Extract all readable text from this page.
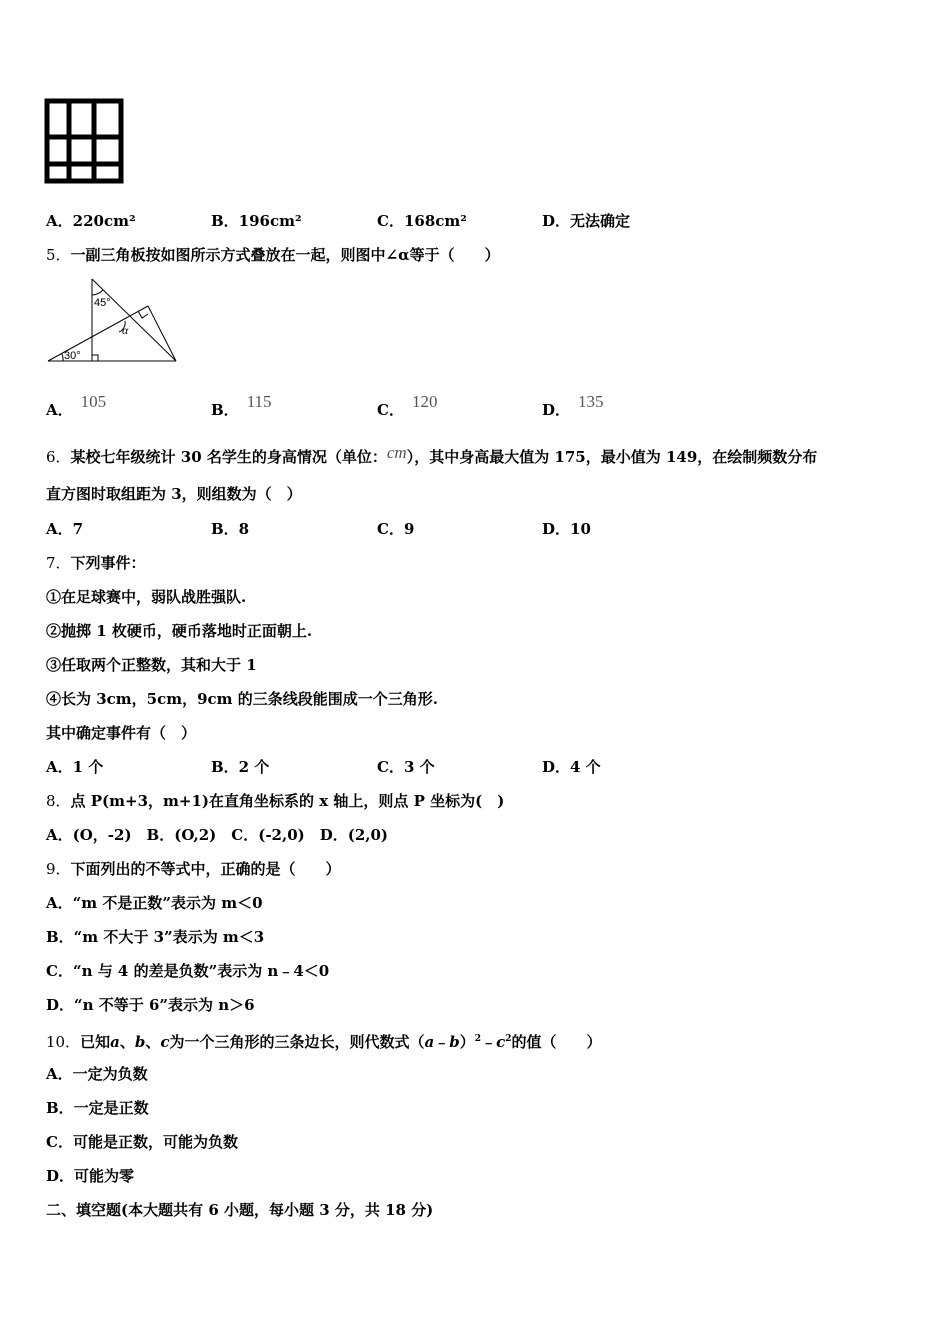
A．220cm²	B．196cm²	C．168cm²	D．无法确定
5．一副三角板按如图所示方式叠放在一起，则图中∠α等于（　　）
45°
α
30°
A． 105	B． 115	C． 120	D． 135
6．某校七年级统计 30 名学生的身高情况（单位：cm），其中身高最大值为 175，最小值为 149，在绘制频数分布
直方图时取组距为 3，则组数为（　）
A．7	B．8	C．9	D．10
7．下列事件：
①在足球赛中，弱队战胜强队.
②抛掷 1 枚硬币，硬币落地时正面朝上.
③任取两个正整数，其和大于 1
④长为 3cm，5cm，9cm 的三条线段能围成一个三角形.
其中确定事件有（　）
A．1 个	B．2 个	C．3 个	D．4 个
8．点 P(m+3，m+1)在直角坐标系的 x 轴上，则点 P 坐标为(　)
A．(O，-2)　B．(O,2)　C．(-2,0)　D．(2,0)
9．下面列出的不等式中，正确的是（　　）
A．“m 不是正数”表示为 m＜0
B．“m 不大于 3”表示为 m＜3
C．“n 与 4 的差是负数”表示为 n﹣4＜0
D．“n 不等于 6”表示为 n＞6
10．已知a、b、c为一个三角形的三条边长，则代数式$(a﹣b)^2﹣c^2$的值（　　）
A．一定为负数
B．一定是正数
C．可能是正数，可能为负数
D．可能为零
二、填空题(本大题共有 6 小题，每小题 3 分，共 18 分)
